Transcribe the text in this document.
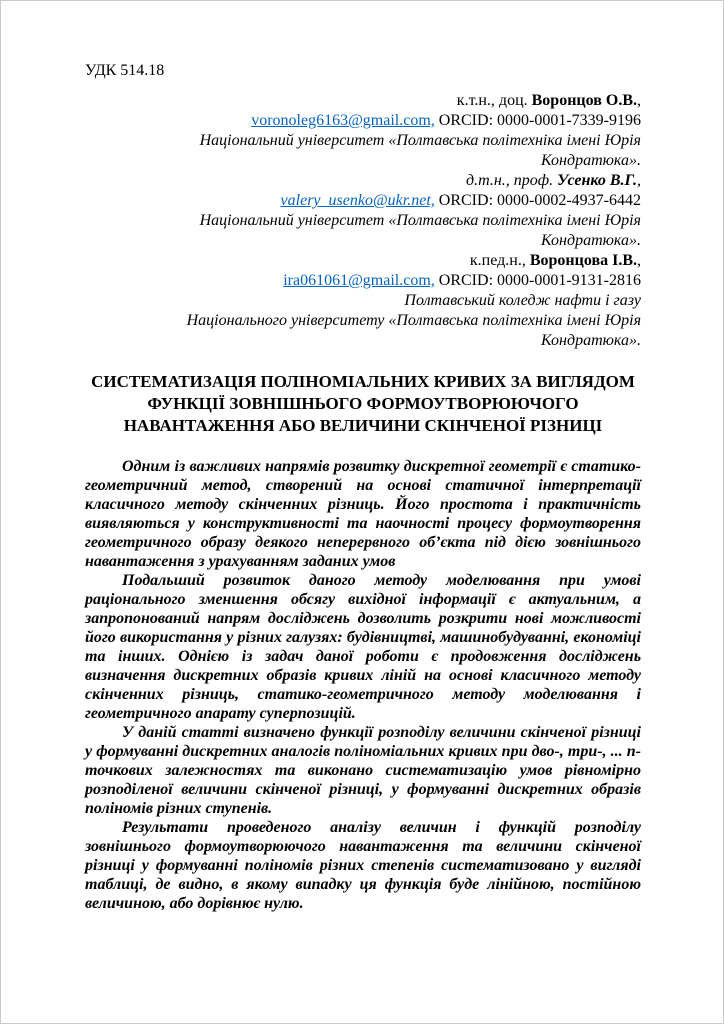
УДК 514.18
к.т.н., доц. Воронцов О.В.,
voronoleg6163@gmail.com, ORCID: 0000-0001-7339-9196
Національний університет «Полтавська політехніка імені Юрія
Кондратюка».
д.т.н., проф. Усенко В.Г.,
valery_usenko@ukr.net, ORCID: 0000-0002-4937-6442
Національний університет «Полтавська політехніка імені Юрія
Кондратюка».
к.пед.н., Воронцова І.В.,
ira061061@gmail.com, ORCID: 0000-0001-9131-2816
Полтавський коледж нафти і газу
Національного університету «Полтавська політехніка імені Юрія
Кондратюка».
СИСТЕМАТИЗАЦІЯ ПОЛІНОМІАЛЬНИХ КРИВИХ ЗА ВИГЛЯДОМ
ФУНКЦІЇ ЗОВНІШНЬОГО ФОРМОУТВОРЮЮЧОГО
НАВАНТАЖЕННЯ АБО ВЕЛИЧИНИ СКІНЧЕНОЇ РІЗНИЦІ

Одним із важливих напрямів розвитку дискретної геометрії є статико-геометричний метод, створений на основі статичної інтерпретації класичного методу скінченних різниць. Його простота і практичність виявляються у конструктивності та наочності процесу формоутворення геометричного образу деякого неперервного об’єкта під дією зовнішнього навантаження з урахуванням заданих умов

Подальший розвиток даного методу моделювання при умові раціонального зменшення обсягу вихідної інформації є актуальним, а запропонований напрям досліджень дозволить розкрити нові можливості його використання у різних галузях: будівництві, машинобудуванні, економіці та інших. Однією із задач даної роботи є продовження досліджень визначення дискретних образів кривих ліній на основі класичного методу скінченних різниць, статико-геометричного методу моделювання і геометричного апарату суперпозицій.

У даній статті визначено функції розподілу величини скінченої різниці у формуванні дискретних аналогів поліноміальних кривих при дво-, три-, ... n- точкових залежностях та виконано систематизацію умов рівномірно розподіленої величини скінченої різниці, у формуванні дискретних образів поліномів різних ступенів.

Результати проведеного аналізу величин і функцій розподілу зовнішнього формоутворюючого навантаження та величини скінченої різниці у формуванні поліномів різних степенів систематизовано у вигляді таблиці, де видно, в якому випадку ця функція буде лінійною, постійною величиною, або дорівнює нулю.
